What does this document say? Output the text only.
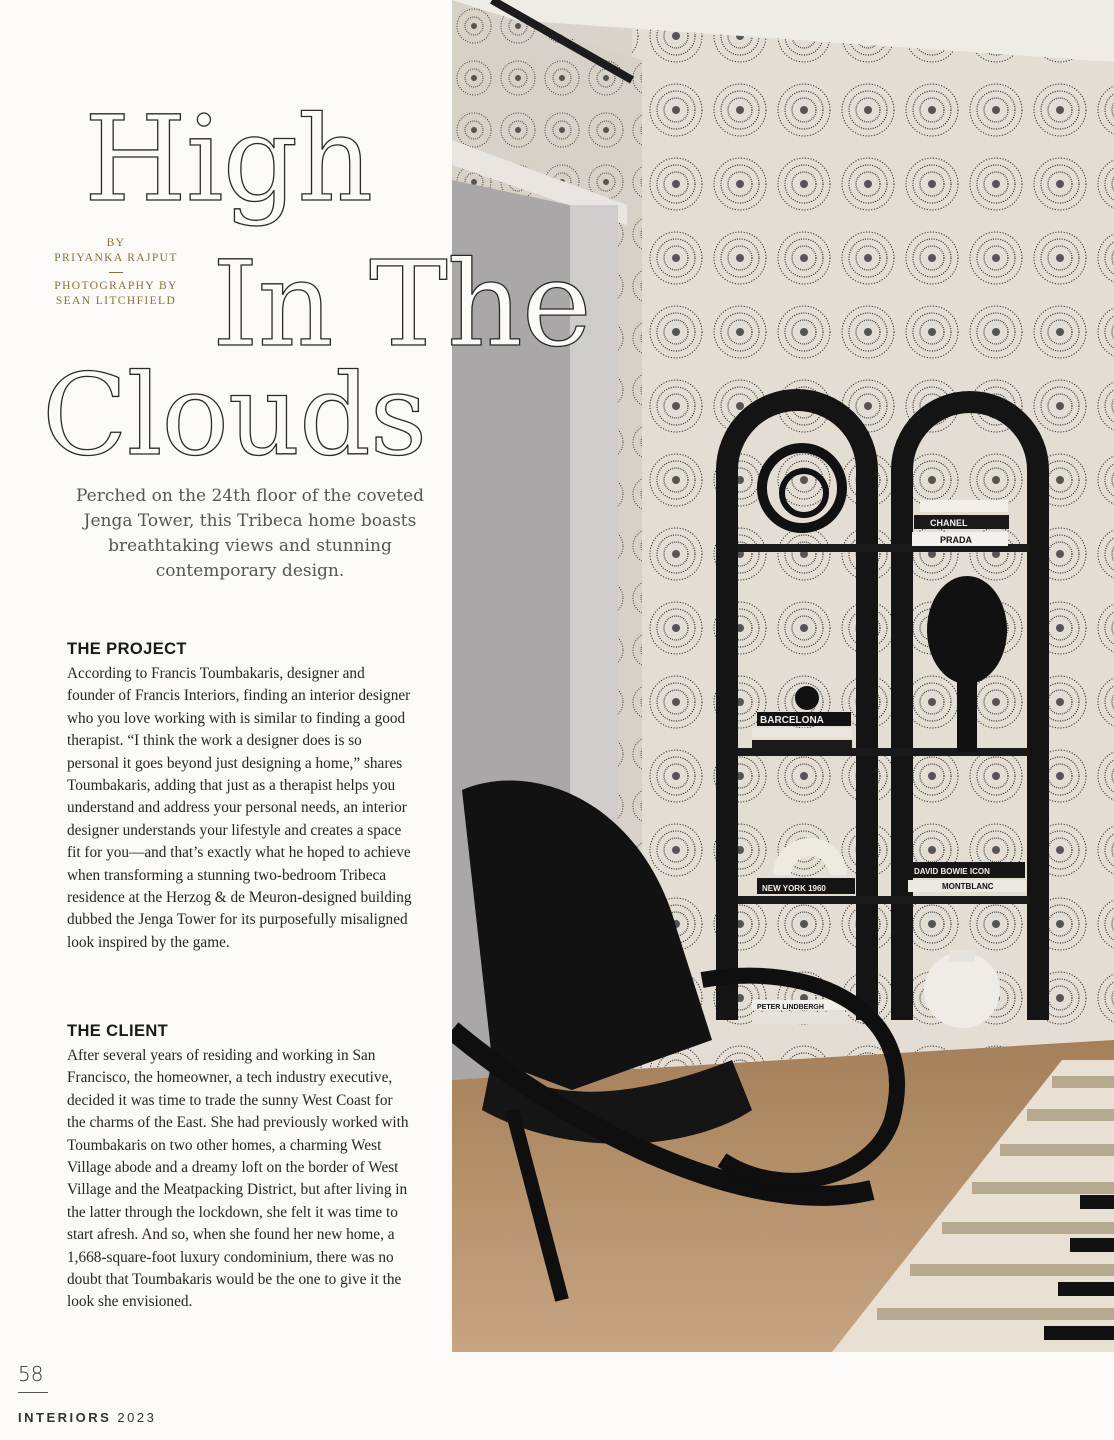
CHANEL
PRADA
BARCELONA
NEW YORK 1960
DAVID BOWIE ICON
MONTBLANC
PETER LINDBERGH
High
In The
Clouds
BY
PRIYANKA RAJPUT
PHOTOGRAPHY BY
SEAN LITCHFIELD
Perched on the 24th floor of the coveted Jenga Tower, this Tribeca home boasts breathtaking views and stunning contemporary design.
THE PROJECT

According to Francis Toumbakaris, designer and founder of Francis Interiors, finding an interior designer who you love working with is similar to finding a good therapist. “I think the work a designer does is so personal it goes beyond just designing a home,” shares Toumbakaris, adding that just as a therapist helps you understand and address your personal needs, an interior designer understands your lifestyle and creates a space fit for you—and that’s exactly what he hoped to achieve when transforming a stunning two-bedroom Tribeca residence at the Herzog & de Meuron-designed building dubbed the Jenga Tower for its purposefully misaligned look inspired by the game.

THE CLIENT

After several years of residing and working in San Francisco, the homeowner, a tech industry executive, decided it was time to trade the sunny West Coast for the charms of the East. She had previously worked with Toumbakaris on two other homes, a charming West Village abode and a dreamy loft on the border of West Village and the Meatpacking District, but after living in the latter through the lockdown, she felt it was time to start afresh. And so, when she found her new home, a 1,668-square-foot luxury condominium, there was no doubt that Toumbakaris would be the one to give it the look she envisioned.

58
INTERIORS 2023
